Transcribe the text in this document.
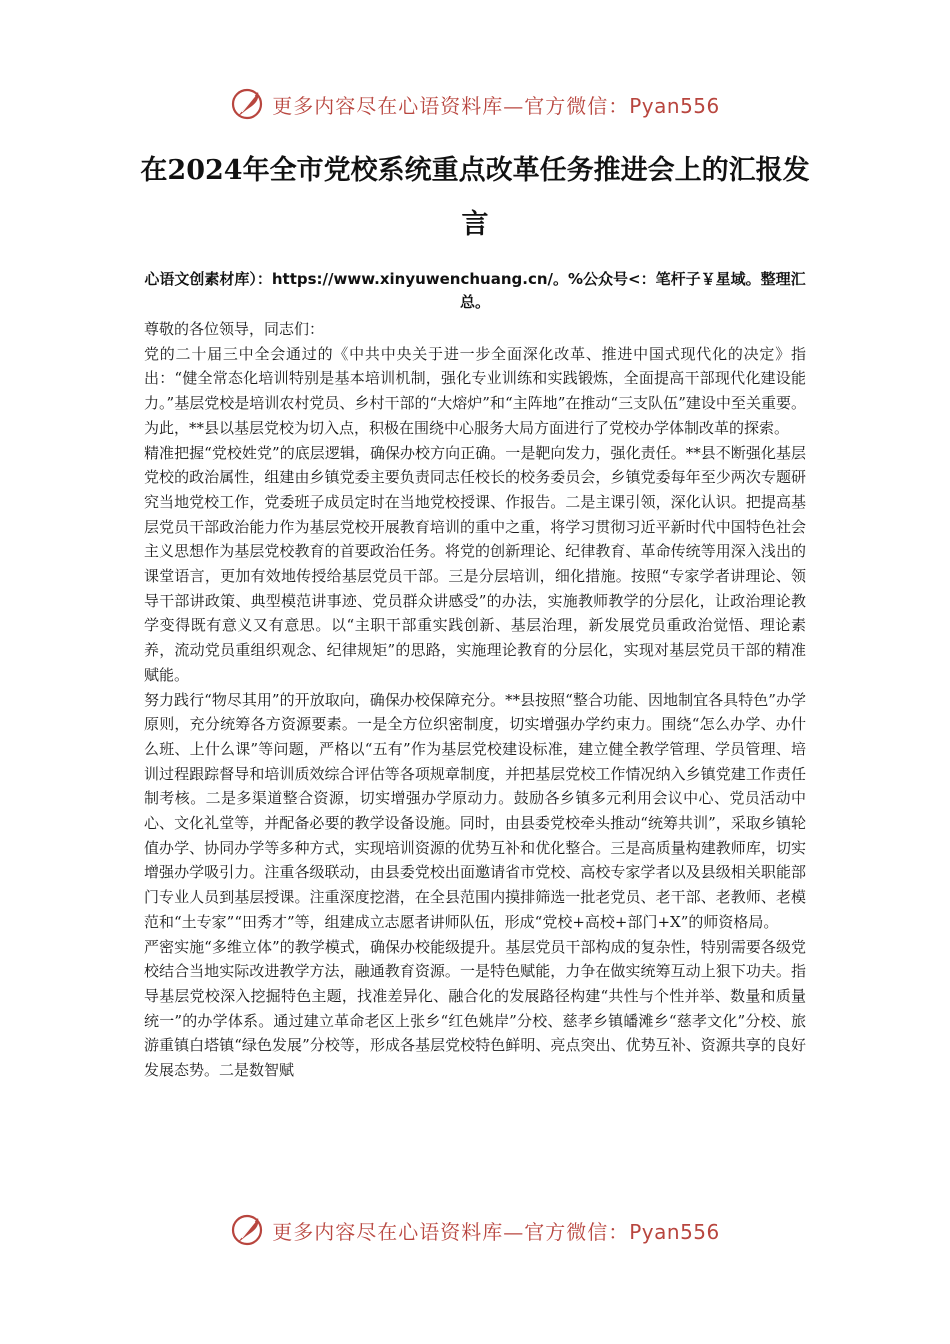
更多内容尽在心语资料库—官方微信：Pyan556
在2024年全市党校系统重点改革任务推进会上的汇报发言
心语文创素材库）：https://www.xinyuwenchuang.cn/。%公众号<：笔杆子￥星域。整理汇总。

尊敬的各位领导，同志们：

党的二十届三中全会通过的《中共中央关于进一步全面深化改革、推进中国式现代化的决定》指出：“健全常态化培训特别是基本培训机制，强化专业训练和实践锻炼，全面提高干部现代化建设能力。”基层党校是培训农村党员、乡村干部的“大熔炉”和“主阵地”在推动“三支队伍”建设中至关重要。为此，**县以基层党校为切入点，积极在围绕中心服务大局方面进行了党校办学体制改革的探索。

精准把握“党校姓党”的底层逻辑，确保办校方向正确。一是靶向发力，强化责任。**县不断强化基层党校的政治属性，组建由乡镇党委主要负责同志任校长的校务委员会，乡镇党委每年至少两次专题研究当地党校工作，党委班子成员定时在当地党校授课、作报告。二是主课引领，深化认识。把提高基层党员干部政治能力作为基层党校开展教育培训的重中之重，将学习贯彻习近平新时代中国特色社会主义思想作为基层党校教育的首要政治任务。将党的创新理论、纪律教育、革命传统等用深入浅出的课堂语言，更加有效地传授给基层党员干部。三是分层培训，细化措施。按照“专家学者讲理论、领导干部讲政策、典型模范讲事迹、党员群众讲感受”的办法，实施教师教学的分层化，让政治理论教学变得既有意义又有意思。以“主职干部重实践创新、基层治理，新发展党员重政治觉悟、理论素养，流动党员重组织观念、纪律规矩”的思路，实施理论教育的分层化，实现对基层党员干部的精准赋能。

努力践行“物尽其用”的开放取向，确保办校保障充分。**县按照“整合功能、因地制宜各具特色”办学原则，充分统筹各方资源要素。一是全方位织密制度，切实增强办学约束力。围绕“怎么办学、办什么班、上什么课”等问题，严格以“五有”作为基层党校建设标准，建立健全教学管理、学员管理、培训过程跟踪督导和培训质效综合评估等各项规章制度，并把基层党校工作情况纳入乡镇党建工作责任制考核。二是多渠道整合资源，切实增强办学原动力。鼓励各乡镇多元利用会议中心、党员活动中心、文化礼堂等，并配备必要的教学设备设施。同时，由县委党校牵头推动“统筹共训”，采取乡镇轮值办学、协同办学等多种方式，实现培训资源的优势互补和优化整合。三是高质量构建教师库，切实增强办学吸引力。注重各级联动，由县委党校出面邀请省市党校、高校专家学者以及县级相关职能部门专业人员到基层授课。注重深度挖潜，在全县范围内摸排筛选一批老党员、老干部、老教师、老模范和“土专家”“田秀才”等，组建成立志愿者讲师队伍，形成“党校+高校+部门+X”的师资格局。

严密实施“多维立体”的教学模式，确保办校能级提升。基层党员干部构成的复杂性，特别需要各级党校结合当地实际改进教学方法，融通教育资源。一是特色赋能，力争在做实统筹互动上狠下功夫。指导基层党校深入挖掘特色主题，找准差异化、融合化的发展路径构建“共性与个性并举、数量和质量统一”的办学体系。通过建立革命老区上张乡“红色姚岸”分校、慈孝乡镇皤滩乡“慈孝文化”分校、旅游重镇白塔镇“绿色发展”分校等，形成各基层党校特色鲜明、亮点突出、优势互补、资源共享的良好发展态势。二是数智赋

更多内容尽在心语资料库—官方微信：Pyan556
